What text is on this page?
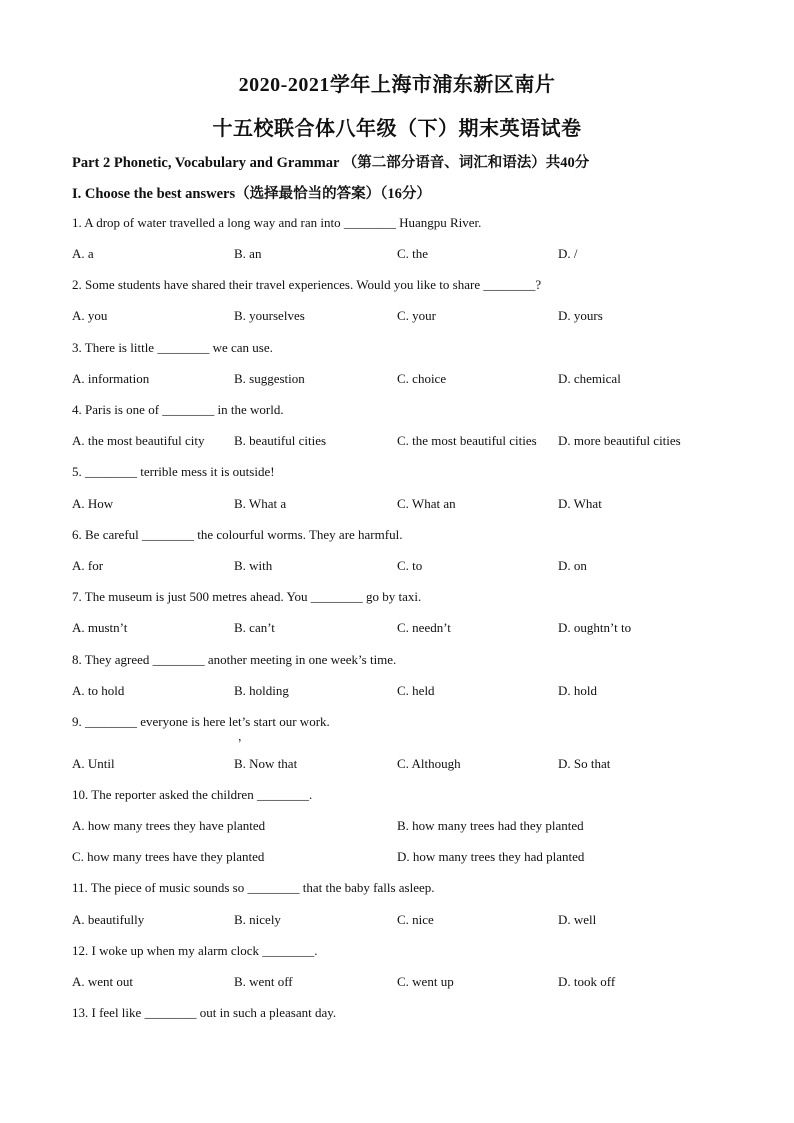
2020-2021学年上海市浦东新区南片
十五校联合体八年级（下）期末英语试卷
Part 2 Phonetic, Vocabulary and Grammar （第二部分语音、词汇和语法）共40分
I. Choose the best answers（选择最恰当的答案）（16分）
1. A drop of water travelled a long way and ran into ________ Huangpu River.
A. a	B. an	C. the	D. /
2. Some students have shared their travel experiences. Would you like to share ________?
A. you	B. yourselves	C. your	D. yours
3. There is little ________ we can use.
A. information	B. suggestion	C. choice	D. chemical
4. Paris is one of ________ in the world.
A. the most beautiful city B. beautiful cities	C. the most beautiful cities D. more beautiful cities
5. ________ terrible mess it is outside!
A. How	B. What a	C. What an	D. What
6. Be careful ________ the colourful worms. They are harmful.
A. for	B. with	C. to	D. on
7. The museum is just 500 metres ahead. You ________ go by taxi.
A. mustn’t	B. can’t	C. needn’t	D. oughtn’t to
8. They agreed ________ another meeting in one week’s time.
A. to hold	B. holding	C. held	D. hold
9. ________ everyone is here let’s start our work.
，
A. Until	B. Now that	C. Although	D. So that
10. The reporter asked the children ________.
A. how many trees they have planted	B. how many trees had they planted
C. how many trees have they planted	D. how many trees they had planted
11. The piece of music sounds so ________ that the baby falls asleep.
A. beautifully	B. nicely	C. nice	D. well
12. I woke up when my alarm clock ________.
A. went out	B. went off	C. went up	D. took off
13. I feel like ________ out in such a pleasant day.
